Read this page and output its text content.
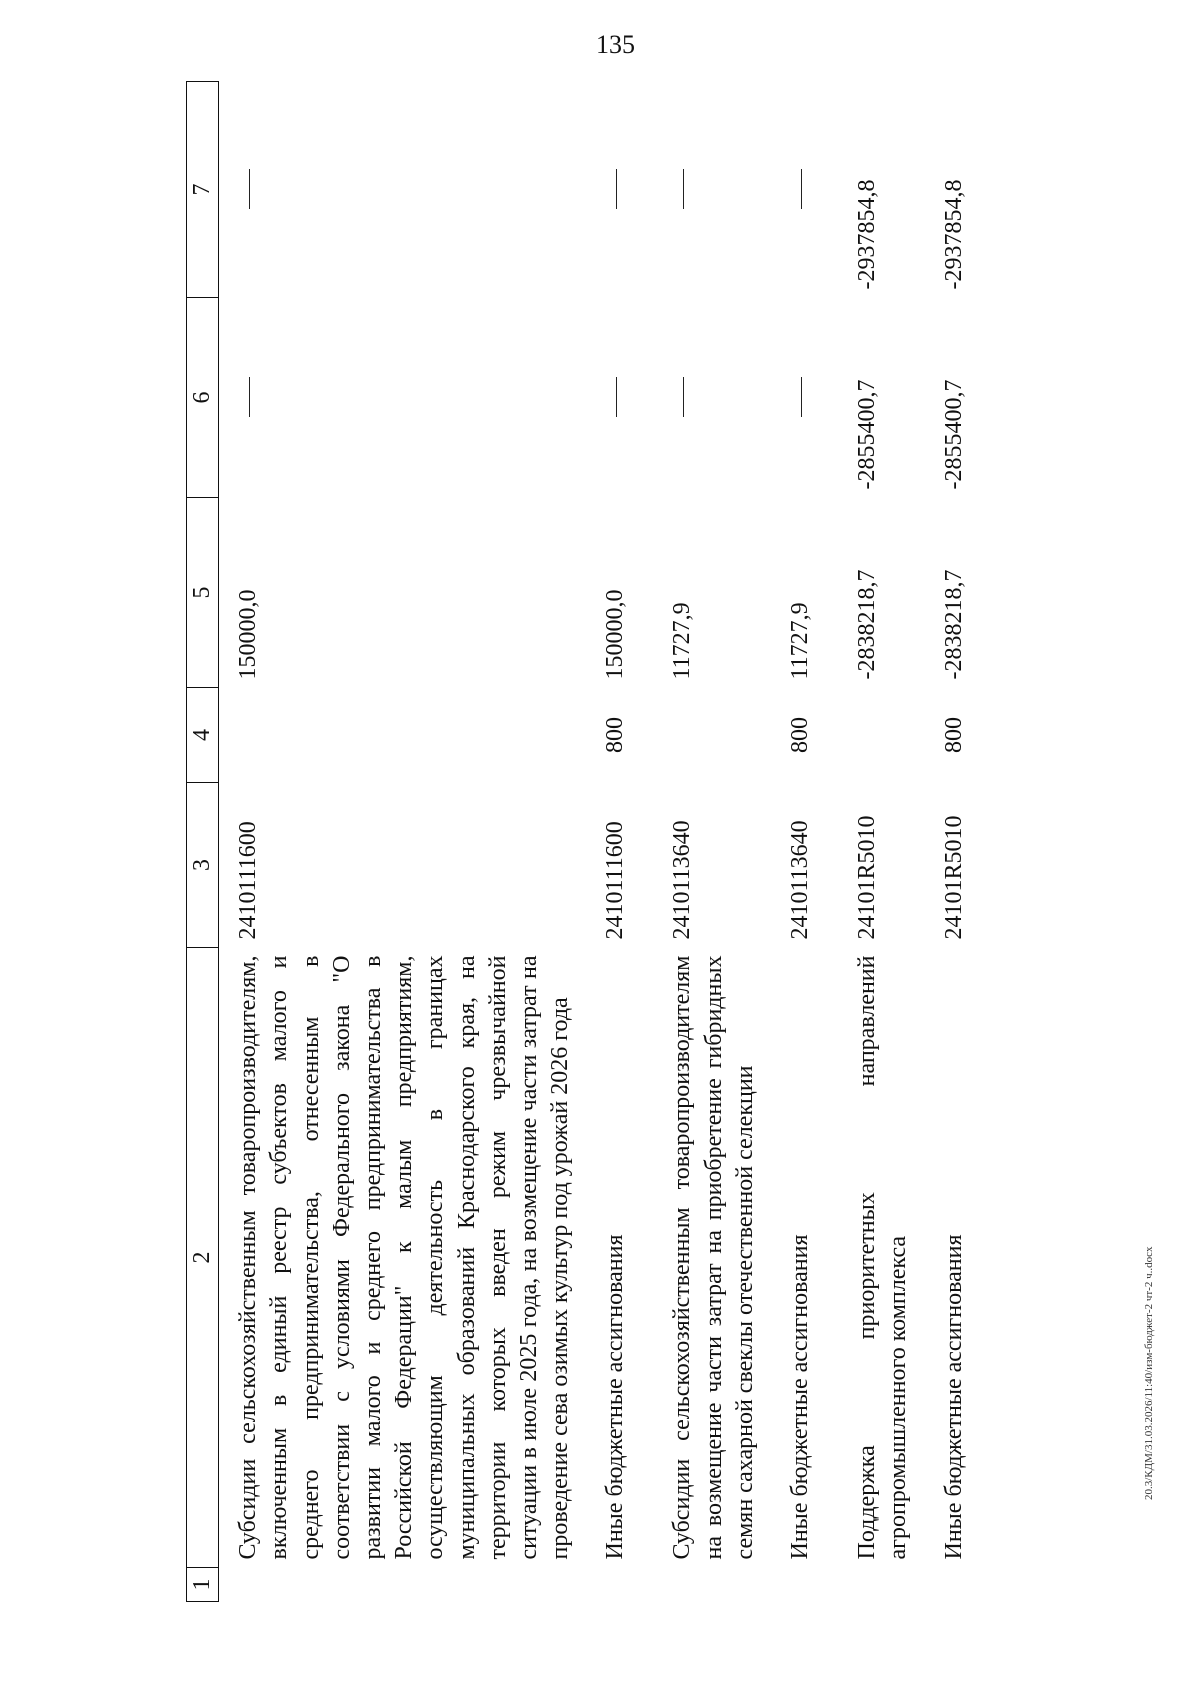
135
20.3/КДМ/31.03.2026/11:40/изм-бюджет-2 чт-2 ч..docx
1	2	3	4	5	6	7
	Субсидии сельскохозяйственным товаропроизводителям, включенным в единый реестр субъектов малого и среднего предпринимательства, отнесенным в соответствии с условиями Федерального закона "О развитии малого и среднего предпринимательства в Российской Федерации" к малым предприятиям, осуществляющим деятельность в границах муниципальных образований Краснодарского края, на территории которых введен режим чрезвычайной ситуации в июле 2025 года, на возмещение части затрат на проведение сева озимых культур под урожай 2026 года	2410111600		150000,0		
	Иные бюджетные ассигнования	2410111600	800	150000,0		
	Субсидии сельскохозяйственным товаропроизводителям на возмещение части затрат на приобретение гибридных семян сахарной свеклы отечественной селекции	2410113640		11727,9		
	Иные бюджетные ассигнования	2410113640	800	11727,9		
	Поддержка приоритетных направлений агропромышленного комплекса	24101R5010		-2838218,7	-2855400,7	-2937854,8
	Иные бюджетные ассигнования	24101R5010	800	-2838218,7	-2855400,7	-2937854,8
